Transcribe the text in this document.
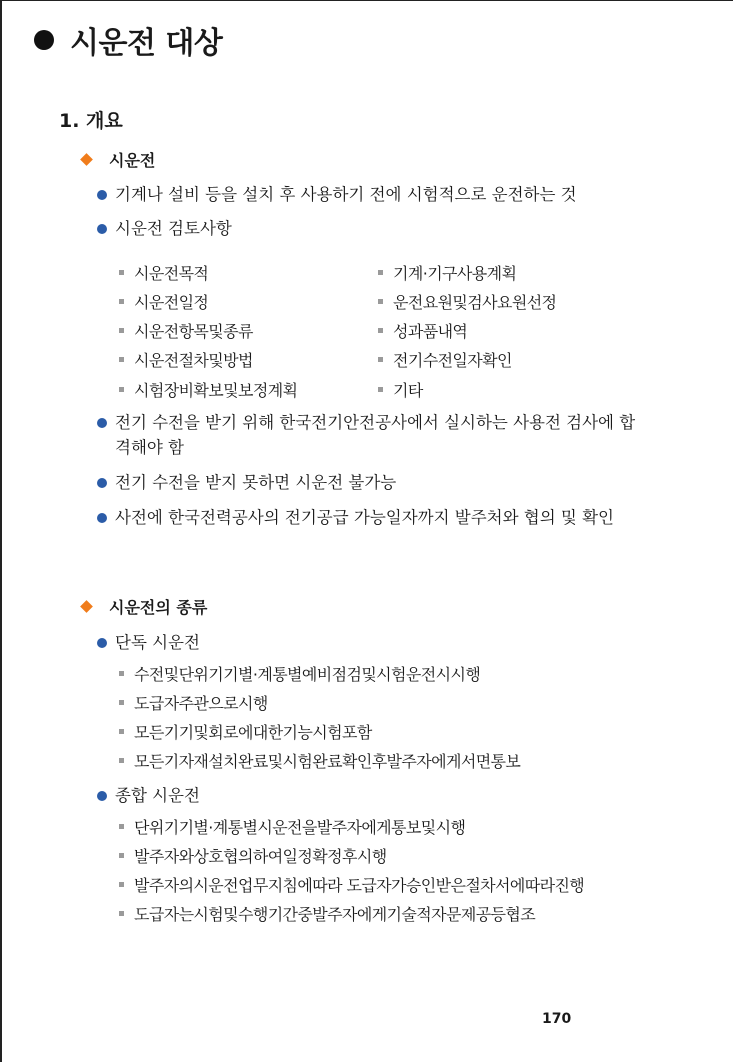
시운전 대상
1. 개요
시운전
기계나 설비 등을 설치 후 사용하기 전에 시험적으로 운전하는 것
시운전 검토사항
시운전목적
시운전일정
시운전항목및종류
시운전절차및방법
시험장비확보및보정계획
기계·기구사용계획
운전요원및검사요원선정
성과품내역
전기수전일자확인
기타
전기 수전을 받기 위해 한국전기안전공사에서 실시하는 사용전 검사에 합격해야 함
전기 수전을 받지 못하면 시운전 불가능
사전에 한국전력공사의 전기공급 가능일자까지 발주처와 협의 및 확인
시운전의 종류
단독 시운전
수전및단위기기별·계통별예비점검및시험운전시시행
도급자주관으로시행
모든기기및회로에대한기능시험포함
모든기자재설치완료및시험완료확인후발주자에게서면통보
종합 시운전
단위기기별·계통별시운전을발주자에게통보및시행
발주자와상호협의하여일정확정후시행
발주자의시운전업무지침에따라 도급자가승인받은절차서에따라진행
도급자는시험및수행기간중발주자에게기술적자문제공등협조
170
